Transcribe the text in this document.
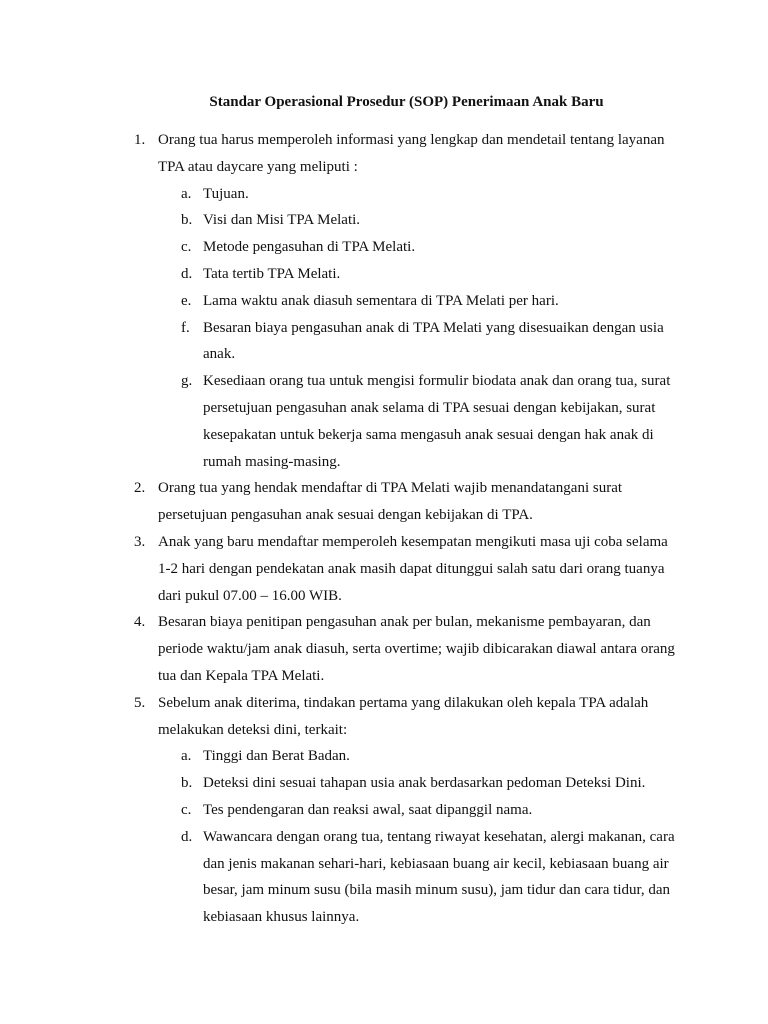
Standar Operasional Prosedur (SOP) Penerimaan Anak Baru
1. Orang tua harus memperoleh informasi yang lengkap dan mendetail tentang layanan TPA atau daycare yang meliputi :
a. Tujuan.
b. Visi dan Misi TPA Melati.
c. Metode pengasuhan di TPA Melati.
d. Tata tertib TPA Melati.
e. Lama waktu anak diasuh sementara di TPA Melati per hari.
f. Besaran biaya pengasuhan anak di TPA Melati yang disesuaikan dengan usia anak.
g. Kesediaan orang tua untuk mengisi formulir biodata anak dan orang tua, surat persetujuan pengasuhan anak selama di TPA sesuai dengan kebijakan, surat kesepakatan untuk bekerja sama mengasuh anak sesuai dengan hak anak di rumah masing-masing.
2. Orang tua yang hendak mendaftar di TPA Melati wajib menandatangani surat persetujuan pengasuhan anak sesuai dengan kebijakan di TPA.
3. Anak yang baru mendaftar memperoleh kesempatan mengikuti masa uji coba selama 1-2 hari dengan pendekatan anak masih dapat ditunggui salah satu dari orang tuanya dari pukul 07.00 – 16.00 WIB.
4. Besaran biaya penitipan pengasuhan anak per bulan, mekanisme pembayaran, dan periode waktu/jam anak diasuh, serta overtime; wajib dibicarakan diawal antara orang tua dan Kepala TPA Melati.
5. Sebelum anak diterima, tindakan pertama yang dilakukan oleh kepala TPA adalah melakukan deteksi dini, terkait:
a. Tinggi dan Berat Badan.
b. Deteksi dini sesuai tahapan usia anak berdasarkan pedoman Deteksi Dini.
c. Tes pendengaran dan reaksi awal, saat dipanggil nama.
d. Wawancara dengan orang tua, tentang riwayat kesehatan, alergi makanan, cara dan jenis makanan sehari-hari, kebiasaan buang air kecil, kebiasaan buang air besar, jam minum susu (bila masih minum susu), jam tidur dan cara tidur, dan kebiasaan khusus lainnya.
